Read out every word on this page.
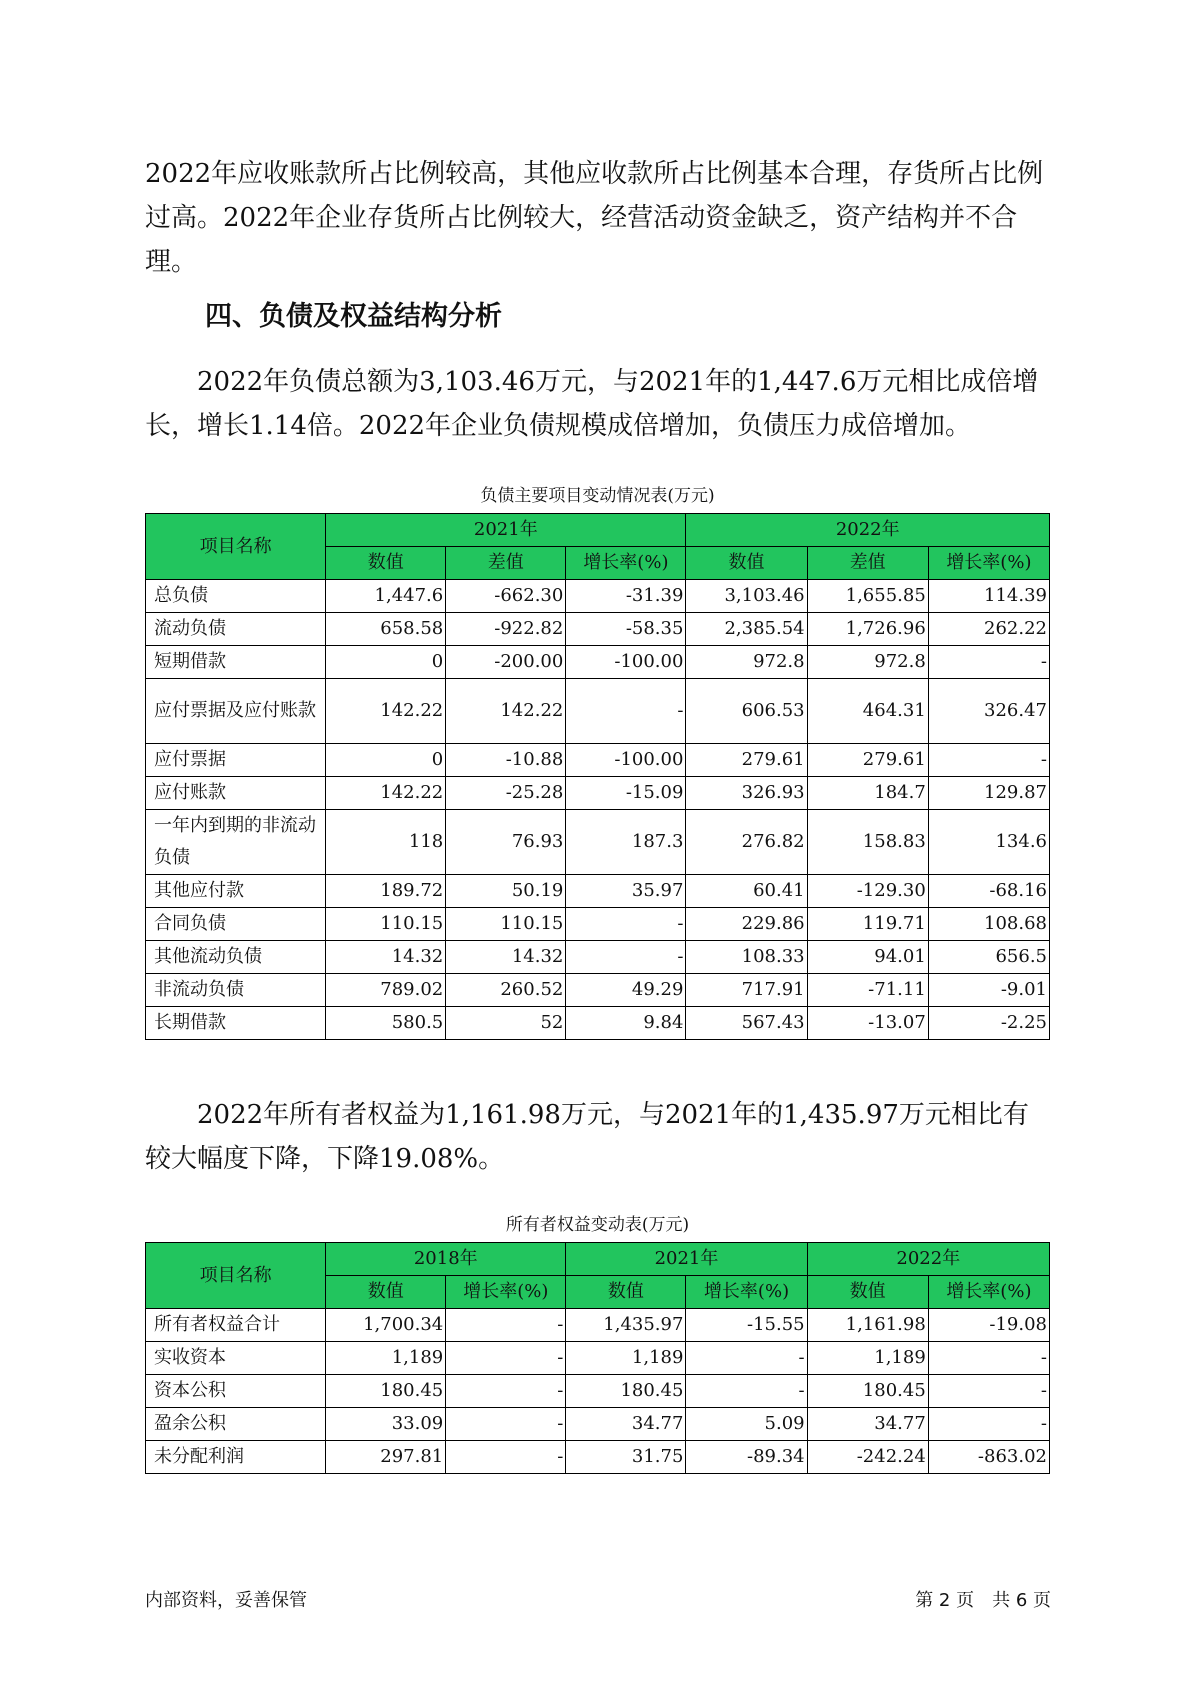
2022年应收账款所占比例较高，其他应收款所占比例基本合理，存货所占比例过高。2022年企业存货所占比例较大，经营活动资金缺乏，资产结构并不合理。

四、负债及权益结构分析

2022年负债总额为3,103.46万元，与2021年的1,447.6万元相比成倍增长，增长1.14倍。2022年企业负债规模成倍增加，负债压力成倍增加。

负债主要项目变动情况表(万元)

项目名称	2021年			2022年		
	数值	差值	增长率(%)	数值	差值	增长率(%)
总负债	1,447.6	-662.30	-31.39	3,103.46	1,655.85	114.39
流动负债	658.58	-922.82	-58.35	2,385.54	1,726.96	262.22
短期借款	0	-200.00	-100.00	972.8	972.8	-
应付票据及应付账款	142.22	142.22	-	606.53	464.31	326.47
应付票据	0	-10.88	-100.00	279.61	279.61	-
应付账款	142.22	-25.28	-15.09	326.93	184.7	129.87
一年内到期的非流动负债	118	76.93	187.3	276.82	158.83	134.6
其他应付款	189.72	50.19	35.97	60.41	-129.30	-68.16
合同负债	110.15	110.15	-	229.86	119.71	108.68
其他流动负债	14.32	14.32	-	108.33	94.01	656.5
非流动负债	789.02	260.52	49.29	717.91	-71.11	-9.01
长期借款	580.5	52	9.84	567.43	-13.07	-2.25

2022年所有者权益为1,161.98万元，与2021年的1,435.97万元相比有较大幅度下降，下降19.08%。

所有者权益变动表(万元)

项目名称	2018年		2021年		2022年	
	数值	增长率(%)	数值	增长率(%)	数值	增长率(%)
所有者权益合计	1,700.34	-	1,435.97	-15.55	1,161.98	-19.08
实收资本	1,189	-	1,189	-	1,189	-
资本公积	180.45	-	180.45	-	180.45	-
盈余公积	33.09	-	34.77	5.09	34.77	-
未分配利润	297.81	-	31.75	-89.34	-242.24	-863.02

内部资料，妥善保管	第 2 页　共 6 页
